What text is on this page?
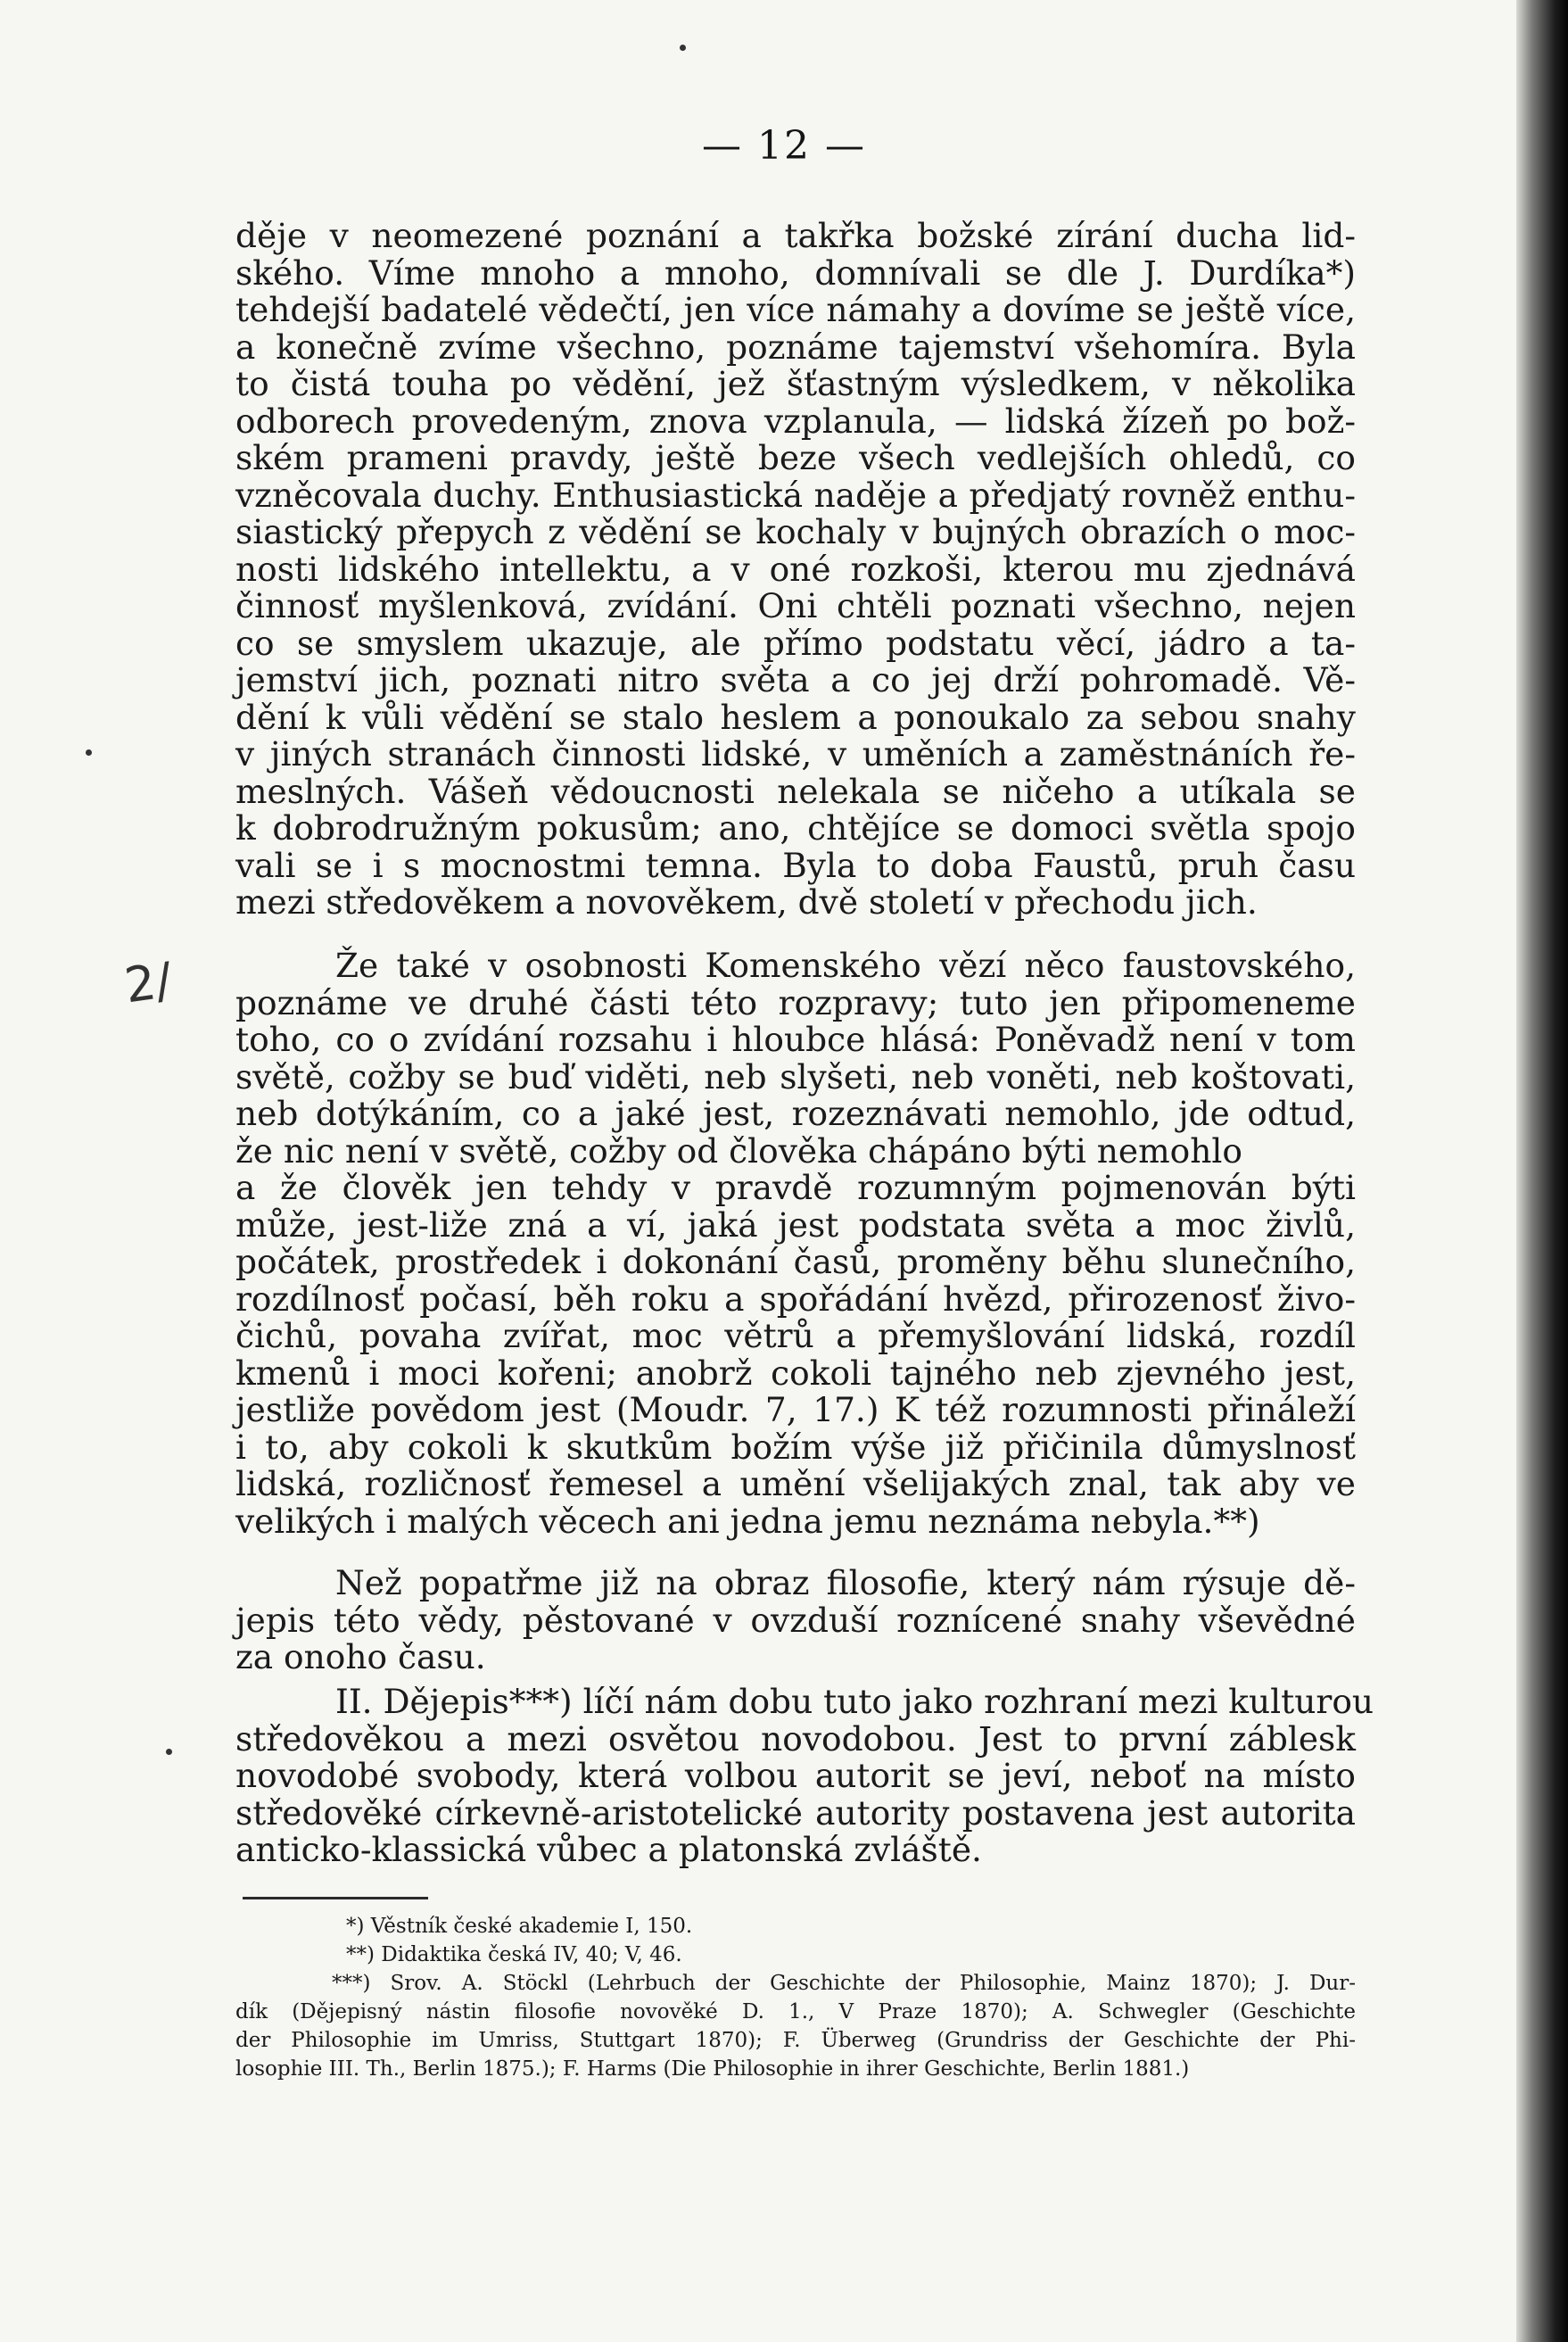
— 12 —
2/

děje v neomezené poznání a takřka božské zírání ducha lid-
ského. Víme mnoho a mnoho, domnívali se dle J. Durdíka*)
tehdejší badatelé vědečtí, jen více námahy a dovíme se ještě více,
a konečně zvíme všechno, poznáme tajemství všehomíra. Byla
to čistá touha po vědění, jež šťastným výsledkem, v několika
odborech provedeným, znova vzplanula, — lidská žízeň po bož-
ském prameni pravdy, ještě beze všech vedlejších ohledů, co
vzněcovala duchy. Enthusiastická naděje a předjatý rovněž enthu-
siastický přepych z vědění se kochaly v bujných obrazích o moc-
nosti lidského intellektu, a v oné rozkoši, kterou mu zjednává
činnosť myšlenková, zvídání. Oni chtěli poznati všechno, nejen
co se smyslem ukazuje, ale přímo podstatu věcí, jádro a ta-
jemství jich, poznati nitro světa a co jej drží pohromadě. Vě-
dění k vůli vědění se stalo heslem a ponoukalo za sebou snahy
v jiných stranách činnosti lidské, v uměních a zaměstnáních ře-
meslných. Vášeň vědoucnosti nelekala se ničeho a utíkala se
k dobrodružným pokusům; ano, chtějíce se domoci světla spojo
vali se i s mocnostmi temna. Byla to doba Faustů, pruh času
mezi středověkem a novověkem, dvě století v přechodu jich.

Že také v osobnosti Komenského vězí něco faustovského,
poznáme ve druhé části této rozpravy; tuto jen připomeneme
toho, co o zvídání rozsahu i hloubce hlásá: Poněvadž není v tom
světě, cožby se buď viděti, neb slyšeti, neb voněti, neb koštovati,
neb dotýkáním, co a jaké jest, rozeznávati nemohlo, jde odtud,
že nic není v světě, cožby od člověka chápáno býti nemohlo
a že člověk jen tehdy v pravdě rozumným pojmenován býti
může, jest-liže zná a ví, jaká jest podstata světa a moc živlů,
počátek, prostředek i dokonání časů, proměny běhu slunečního,
rozdílnosť počasí, běh roku a spořádání hvězd, přirozenosť živo-
čichů, povaha zvířat, moc větrů a přemyšlování lidská, rozdíl
kmenů i moci kořeni; anobrž cokoli tajného neb zjevného jest,
jestliže povědom jest (Moudr. 7, 17.) K též rozumnosti přináleží
i to, aby cokoli k skutkům božím výše již přičinila důmyslnosť
lidská, rozličnosť řemesel a umění všelijakých znal, tak aby ve
velikých i malých věcech ani jedna jemu neznáma nebyla.**)

Než popatřme již na obraz filosofie, který nám rýsuje dě-
jepis této vědy, pěstované v ovzduší roznícené snahy vševědné
za onoho času.

II. Dějepis***) líčí nám dobu tuto jako rozhraní mezi kulturou
středověkou a mezi osvětou novodobou. Jest to první záblesk
novodobé svobody, která volbou autorit se jeví, neboť na místo
středověké církevně-aristotelické autority postavena jest autorita
anticko-klassická vůbec a platonská zvláště.

*) Věstník české akademie I, 150.

**) Didaktika česká IV, 40; V, 46.

***) Srov. A. Stöckl (Lehrbuch der Geschichte der Philosophie, Mainz 1870); J. Dur-

dík (Dějepisný nástin filosofie novověké D. 1., V Praze 1870); A. Schwegler (Geschichte

der Philosophie im Umriss, Stuttgart 1870); F. Überweg (Grundriss der Geschichte der Phi-

losophie III. Th., Berlin 1875.); F. Harms (Die Philosophie in ihrer Geschichte, Berlin 1881.)
